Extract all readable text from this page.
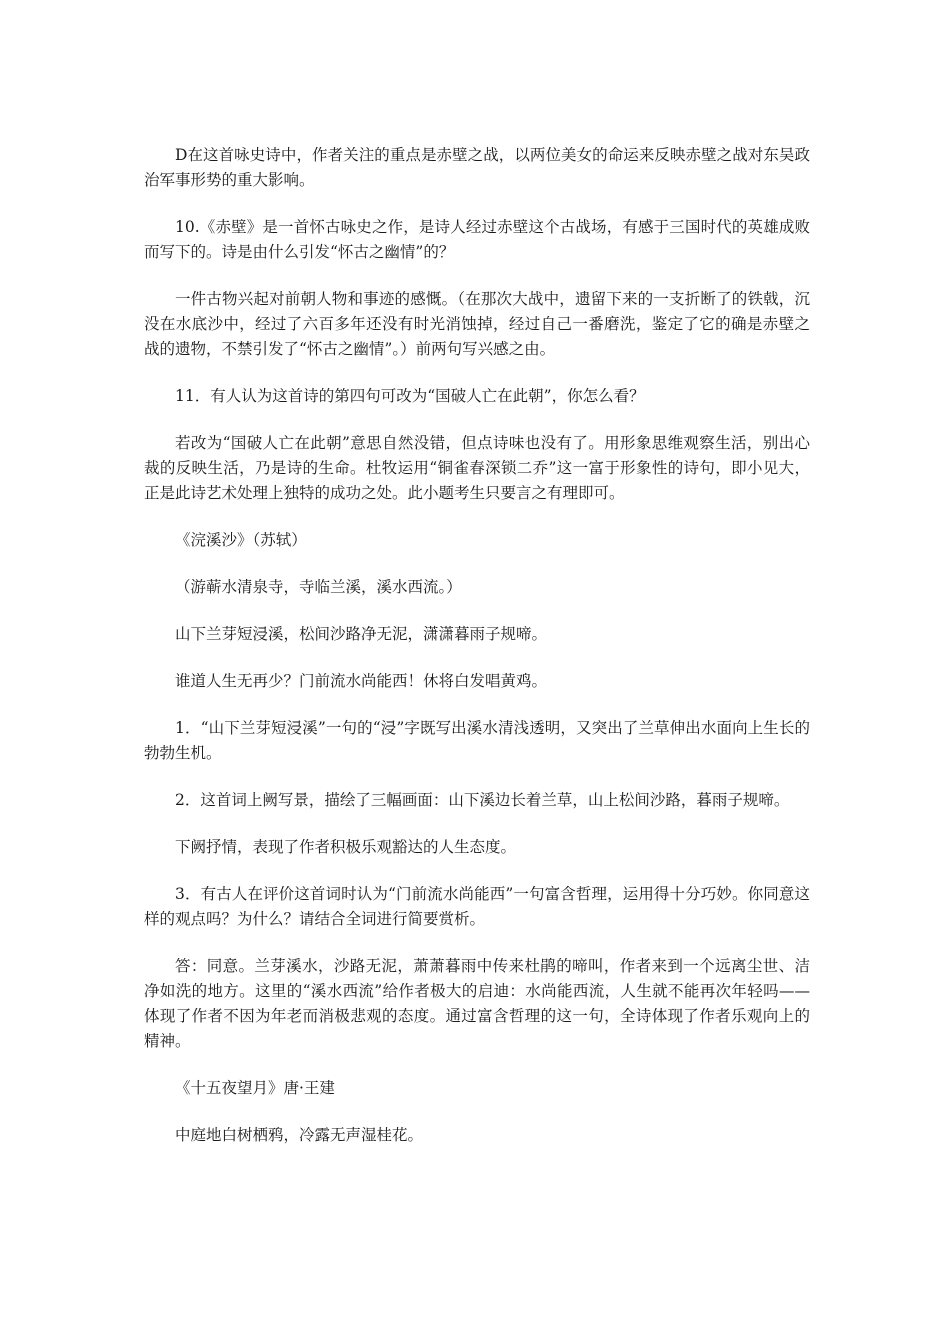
D在这首咏史诗中，作者关注的重点是赤壁之战，以两位美女的命运来反映赤壁之战对东吴政治军事形势的重大影响。

10.《赤壁》是一首怀古咏史之作，是诗人经过赤壁这个古战场，有感于三国时代的英雄成败而写下的。诗是由什么引发“怀古之幽情”的？

一件古物兴起对前朝人物和事迹的感慨。（在那次大战中，遗留下来的一支折断了的铁戟，沉没在水底沙中，经过了六百多年还没有时光消蚀掉，经过自己一番磨洗，鉴定了它的确是赤壁之战的遗物，不禁引发了“怀古之幽情”。）前两句写兴感之由。

11．有人认为这首诗的第四句可改为“国破人亡在此朝”，你怎么看？

若改为“国破人亡在此朝”意思自然没错，但点诗味也没有了。用形象思维观察生活，别出心裁的反映生活，乃是诗的生命。杜牧运用“铜雀春深锁二乔”这一富于形象性的诗句，即小见大，正是此诗艺术处理上独特的成功之处。此小题考生只要言之有理即可。

《浣溪沙》（苏轼）

（游蕲水清泉寺，寺临兰溪，溪水西流。）

山下兰芽短浸溪，松间沙路净无泥，潇潇暮雨子规啼。

谁道人生无再少？门前流水尚能西！休将白发唱黄鸡。

1．“山下兰芽短浸溪”一句的“浸”字既写出溪水清浅透明，又突出了兰草伸出水面向上生长的勃勃生机。

2．这首词上阙写景，描绘了三幅画面：山下溪边长着兰草，山上松间沙路，暮雨子规啼。

下阙抒情，表现了作者积极乐观豁达的人生态度。

3．有古人在评价这首词时认为“门前流水尚能西”一句富含哲理，运用得十分巧妙。你同意这样的观点吗？为什么？请结合全词进行简要赏析。

答：同意。兰芽溪水，沙路无泥，萧萧暮雨中传来杜鹃的啼叫，作者来到一个远离尘世、洁净如洗的地方。这里的“溪水西流”给作者极大的启迪：水尚能西流，人生就不能再次年轻吗——体现了作者不因为年老而消极悲观的态度。通过富含哲理的这一句，全诗体现了作者乐观向上的精神。

《十五夜望月》唐·王建

中庭地白树栖鸦，冷露无声湿桂花。
